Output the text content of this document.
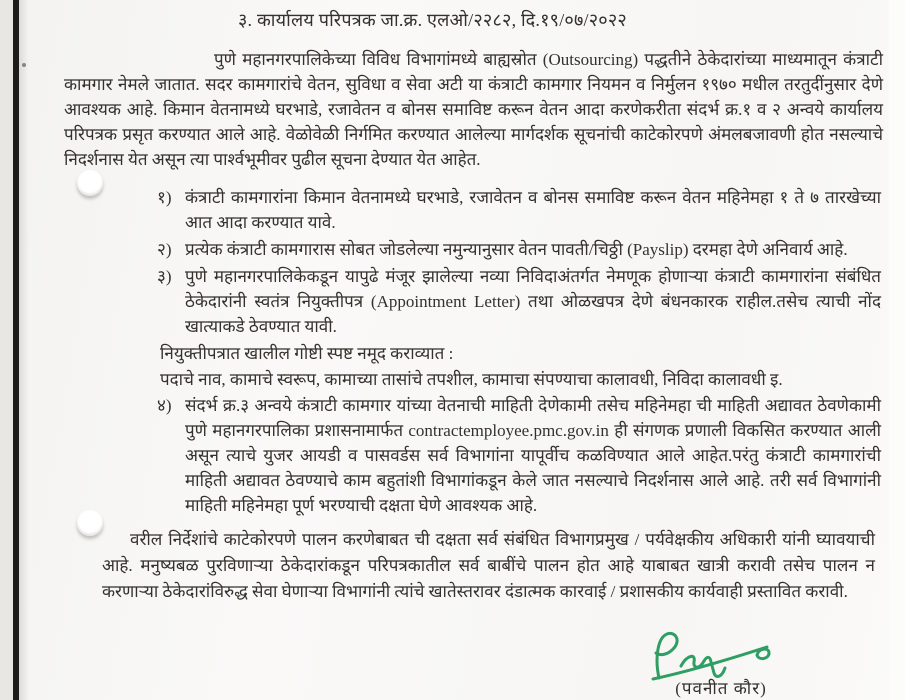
३. कार्यालय परिपत्रक जा.क्र. एलओ/२२८२, दि.१९/०७/२०२२
पुणे महानगरपालिकेच्या विविध विभागांमध्ये बाह्यस्रोत (Outsourcing) पद्धतीने ठेकेदारांच्या माध्यमातून कंत्राटी कामगार नेमले जातात. सदर कामगारांचे वेतन, सुविधा व सेवा अटी या कंत्राटी कामगार नियमन व निर्मुलन १९७० मधील तरतुदींनुसार देणे आवश्यक आहे. किमान वेतनामध्ये घरभाडे, रजावेतन व बोनस समाविष्ट करून वेतन आदा करणेकरीता संदर्भ क्र.१ व २ अन्वये कार्यालय परिपत्रक प्रसृत करण्यात आले आहे. वेळोवेळी निर्गमित करण्यात आलेल्या मार्गदर्शक सूचनांची काटेकोरपणे अंमलबजावणी होत नसल्याचे निदर्शनास येत असून त्या पार्श्वभूमीवर पुढील सूचना देण्यात येत आहेत.
१) कंत्राटी कामगारांना किमान वेतनामध्ये घरभाडे, रजावेतन व बोनस समाविष्ट करून वेतन महिनेमहा १ ते ७ तारखेच्या आत आदा करण्यात यावे.
२) प्रत्येक कंत्राटी कामगारास सोबत जोडलेल्या नमुन्यानुसार वेतन पावती/चिठ्ठी (Payslip) दरमहा देणे अनिवार्य आहे.
३) पुणे महानगरपालिकेकडून यापुढे मंजूर झालेल्या नव्या निविदाअंतर्गत नेमणूक होणाऱ्या कंत्राटी कामगारांना संबंधित ठेकेदारांनी स्वतंत्र नियुक्तीपत्र (Appointment Letter) तथा ओळखपत्र देणे बंधनकारक राहील.तसेच त्याची नोंद खात्याकडे ठेवण्यात यावी.
नियुक्तीपत्रात खालील गोष्टी स्पष्ट नमूद कराव्यात :
पदाचे नाव, कामाचे स्वरूप, कामाच्या तासांचे तपशील, कामाचा संपण्याचा कालावधी, निविदा कालावधी इ.
४) संदर्भ क्र.३ अन्वये कंत्राटी कामगार यांच्या वेतनाची माहिती देणेकामी तसेच महिनेमहा ची माहिती अद्यावत ठेवणेकामी पुणे महानगरपालिका प्रशासनामार्फत contractemployee.pmc.gov.in ही संगणक प्रणाली विकसित करण्यात आली असून त्याचे युजर आयडी व पासवर्डस सर्व विभागांना यापूर्वीच कळविण्यात आले आहेत.परंतु कंत्राटी कामगारांची माहिती अद्यावत ठेवण्याचे काम बहुतांशी विभागांकडून केले जात नसल्याचे निदर्शनास आले आहे. तरी सर्व विभागांनी माहिती महिनेमहा पूर्ण भरण्याची दक्षता घेणे आवश्यक आहे.
वरील निर्देशांचे काटेकोरपणे पालन करणेबाबत ची दक्षता सर्व संबंधित विभागप्रमुख / पर्यवेक्षकीय अधिकारी यांनी घ्यावयाची आहे. मनुष्यबळ पुरविणाऱ्या ठेकेदारांकडून परिपत्रकातील सर्व बाबींचे पालन होत आहे याबाबत खात्री करावी तसेच पालन न करणाऱ्या ठेकेदारांविरुद्ध सेवा घेणाऱ्या विभागांनी त्यांचे खातेस्तरावर दंडात्मक कारवाई / प्रशासकीय कार्यवाही प्रस्तावित करावी.
(पवनीत कौर)
